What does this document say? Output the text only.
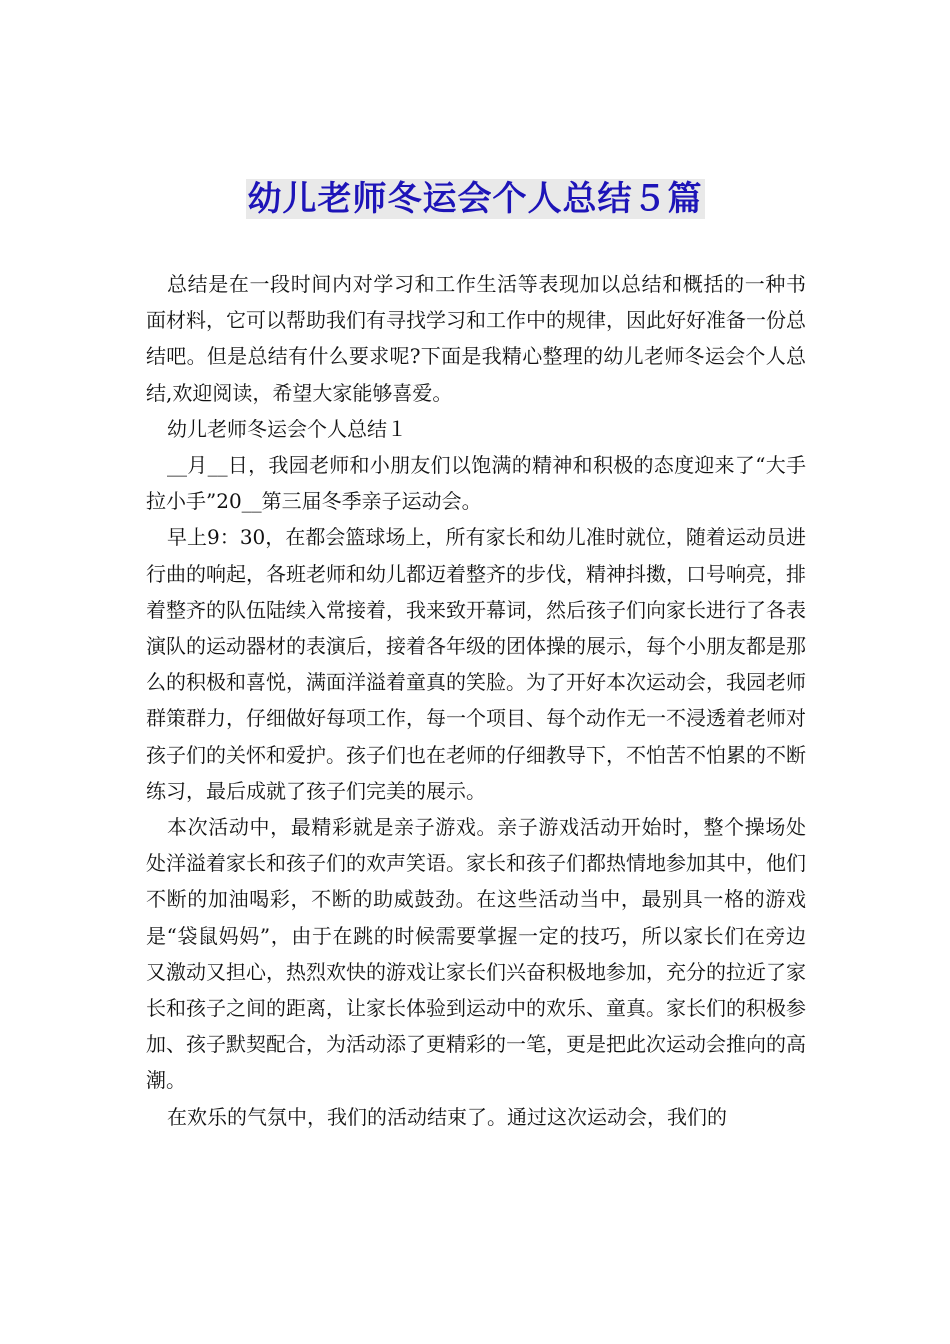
幼儿老师冬运会个人总结５篇

总结是在一段时间内对学习和工作生活等表现加以总结和概括的一种书面材料，它可以帮助我们有寻找学习和工作中的规律，因此好好准备一份总结吧。但是总结有什么要求呢?下面是我精心整理的幼儿老师冬运会个人总结,欢迎阅读，希望大家能够喜爱。

幼儿老师冬运会个人总结１

__月__日，我园老师和小朋友们以饱满的精神和积极的态度迎来了“大手拉小手”20__第三届冬季亲子运动会。

早上9：30，在都会篮球场上，所有家长和幼儿准时就位，随着运动员进行曲的响起，各班老师和幼儿都迈着整齐的步伐，精神抖擞，口号响亮，排着整齐的队伍陆续入常接着，我来致开幕词，然后孩子们向家长进行了各表演队的运动器材的表演后，接着各年级的团体操的展示，每个小朋友都是那么的积极和喜悦，满面洋溢着童真的笑脸。为了开好本次运动会，我园老师群策群力，仔细做好每项工作，每一个项目、每个动作无一不浸透着老师对孩子们的关怀和爱护。孩子们也在老师的仔细教导下，不怕苦不怕累的不断练习，最后成就了孩子们完美的展示。

本次活动中，最精彩就是亲子游戏。亲子游戏活动开始时，整个操场处处洋溢着家长和孩子们的欢声笑语。家长和孩子们都热情地参加其中，他们不断的加油喝彩，不断的助威鼓劲。在这些活动当中，最别具一格的游戏是“袋鼠妈妈”，由于在跳的时候需要掌握一定的技巧，所以家长们在旁边又激动又担心，热烈欢快的游戏让家长们兴奋积极地参加，充分的拉近了家长和孩子之间的距离，让家长体验到运动中的欢乐、童真。家长们的积极参加、孩子默契配合，为活动添了更精彩的一笔，更是把此次运动会推向的高潮。

在欢乐的气氛中，我们的活动结束了。通过这次运动会，我们的
